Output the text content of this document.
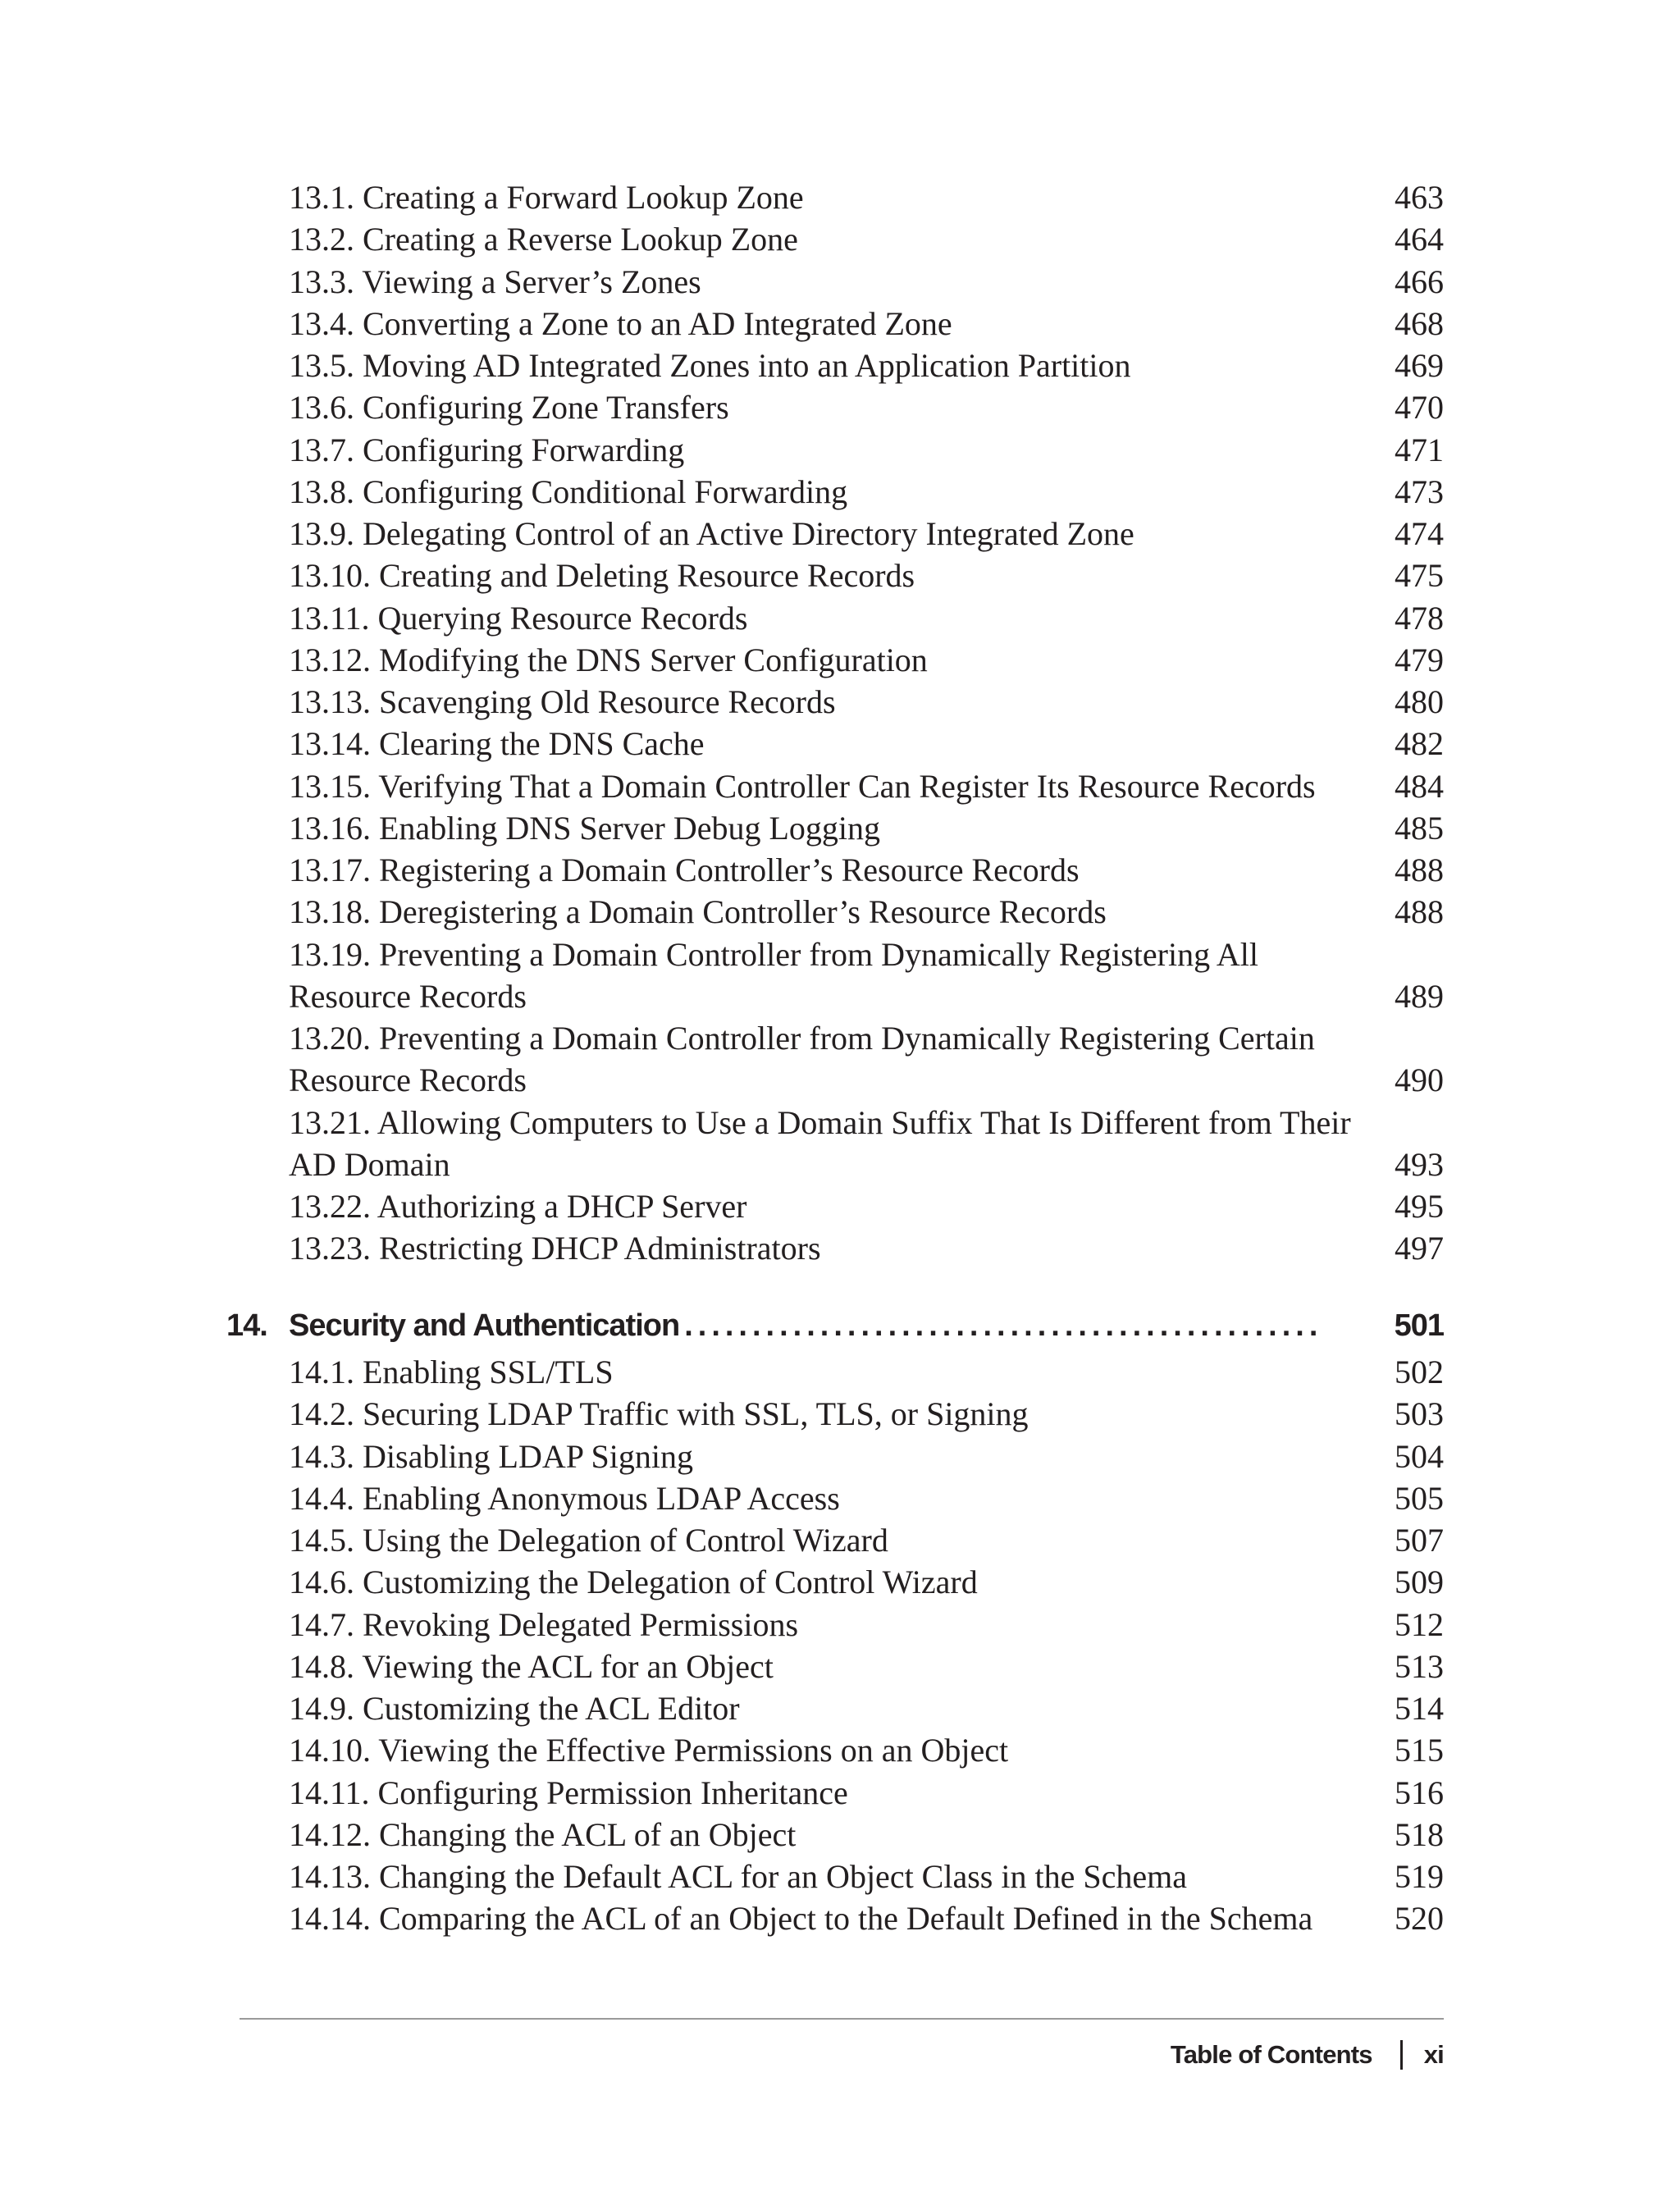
13.1. Creating a Forward Lookup Zone	463
13.2. Creating a Reverse Lookup Zone	464
13.3. Viewing a Server’s Zones	466
13.4. Converting a Zone to an AD Integrated Zone	468
13.5. Moving AD Integrated Zones into an Application Partition	469
13.6. Configuring Zone Transfers	470
13.7. Configuring Forwarding	471
13.8. Configuring Conditional Forwarding	473
13.9. Delegating Control of an Active Directory Integrated Zone	474
13.10. Creating and Deleting Resource Records	475
13.11. Querying Resource Records	478
13.12. Modifying the DNS Server Configuration	479
13.13. Scavenging Old Resource Records	480
13.14. Clearing the DNS Cache	482
13.15. Verifying That a Domain Controller Can Register Its Resource Records	484
13.16. Enabling DNS Server Debug Logging	485
13.17. Registering a Domain Controller’s Resource Records	488
13.18. Deregistering a Domain Controller’s Resource Records	488
13.19. Preventing a Domain Controller from Dynamically Registering All Resource Records	489
13.20. Preventing a Domain Controller from Dynamically Registering Certain Resource Records	490
13.21. Allowing Computers to Use a Domain Suffix That Is Different from Their AD Domain	493
13.22. Authorizing a DHCP Server	495
13.23. Restricting DHCP Administrators	497
14. Security and Authentication ...............................................	501
14.1. Enabling SSL/TLS	502
14.2. Securing LDAP Traffic with SSL, TLS, or Signing	503
14.3. Disabling LDAP Signing	504
14.4. Enabling Anonymous LDAP Access	505
14.5. Using the Delegation of Control Wizard	507
14.6. Customizing the Delegation of Control Wizard	509
14.7. Revoking Delegated Permissions	512
14.8. Viewing the ACL for an Object	513
14.9. Customizing the ACL Editor	514
14.10. Viewing the Effective Permissions on an Object	515
14.11. Configuring Permission Inheritance	516
14.12. Changing the ACL of an Object	518
14.13. Changing the Default ACL for an Object Class in the Schema	519
14.14. Comparing the ACL of an Object to the Default Defined in the Schema	520
Table of Contents xi
